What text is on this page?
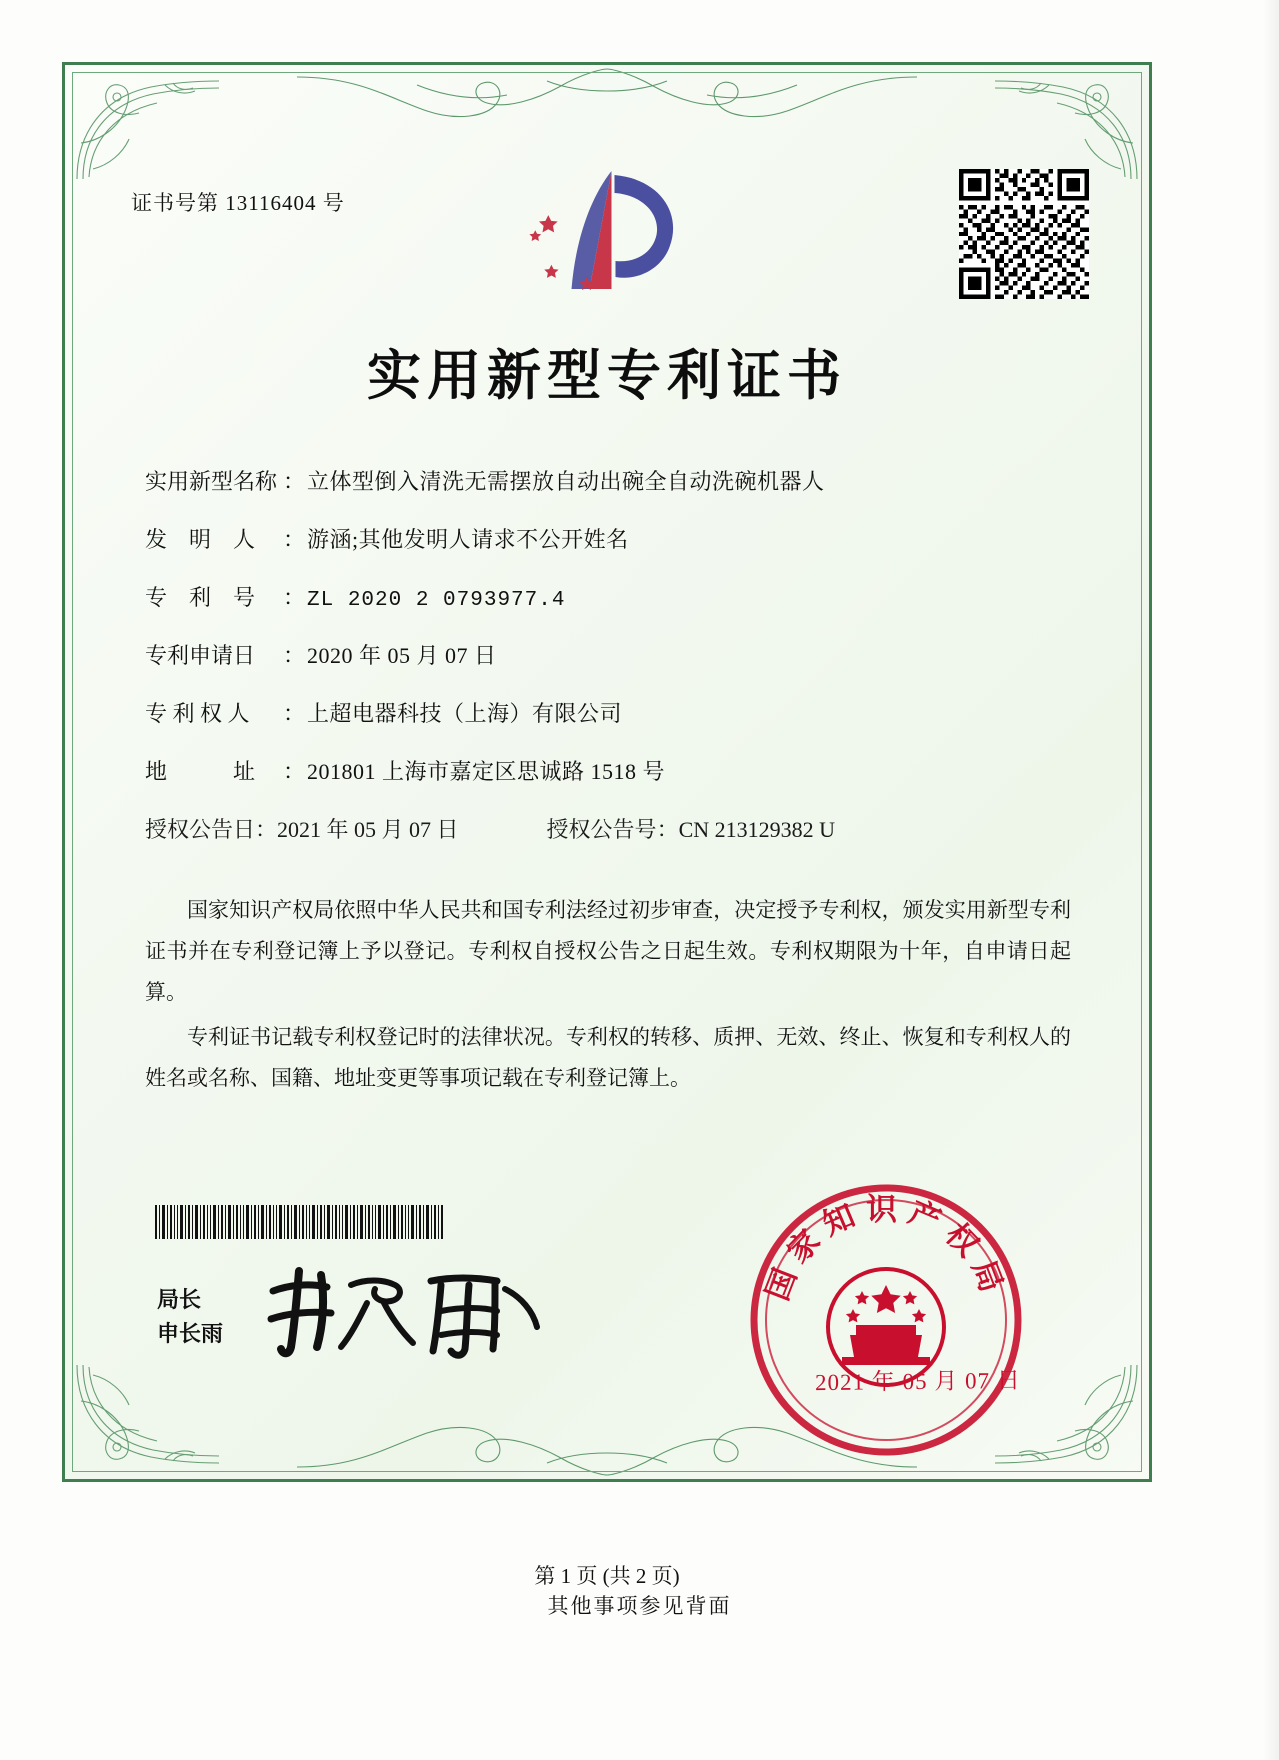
证书号第 13116404 号
实用新型专利证书
实用新型名称 ： 立体型倒入清洗无需摆放自动出碗全自动洗碗机器人
发　明　人	： 游涵;其他发明人请求不公开姓名
专　利　号	： ZL 2020 2 0793977.4
专利申请日	： 2020 年 05 月 07 日
专 利 权 人	： 上超电器科技（上海）有限公司
地　　　址	： 201801 上海市嘉定区思诚路 1518 号
授权公告日：2021 年 05 月 07 日	授权公告号：CN 213129382 U

国家知识产权局依照中华人民共和国专利法经过初步审查，决定授予专利权，颁发实用新型专利证书并在专利登记簿上予以登记。专利权自授权公告之日起生效。专利权期限为十年，自申请日起算。

专利证书记载专利权登记时的法律状况。专利权的转移、质押、无效、终止、恢复和专利权人的姓名或名称、国籍、地址变更等事项记载在专利登记簿上。

局长
申长雨
国家知识产权局
2021 年 05 月 07 日
第 1 页 (共 2 页)
其他事项参见背面
